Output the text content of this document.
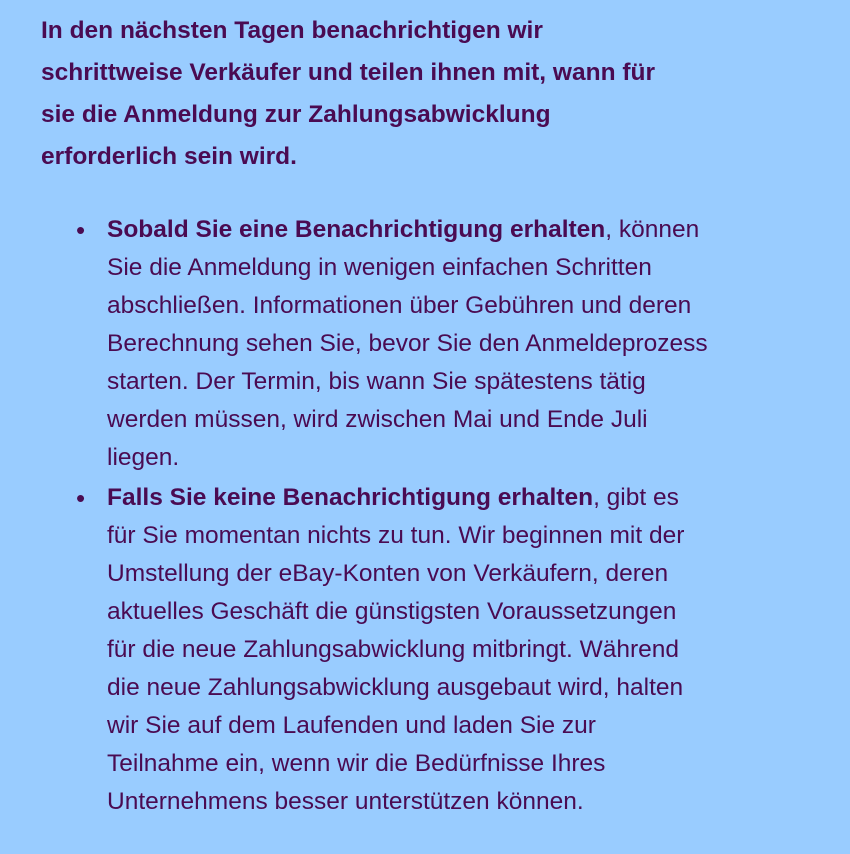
In den nächsten Tagen benachrichtigen wir
schrittweise Verkäufer und teilen ihnen mit, wann für
sie die Anmeldung zur Zahlungsabwicklung
erforderlich sein wird.
• Sobald Sie eine Benachrichtigung erhalten, können
Sie die Anmeldung in wenigen einfachen Schritten
abschließen. Informationen über Gebühren und deren
Berechnung sehen Sie, bevor Sie den Anmeldeprozess
starten. Der Termin, bis wann Sie spätestens tätig
werden müssen, wird zwischen Mai und Ende Juli
liegen.
• Falls Sie keine Benachrichtigung erhalten, gibt es
für Sie momentan nichts zu tun. Wir beginnen mit der
Umstellung der eBay-Konten von Verkäufern, deren
aktuelles Geschäft die günstigsten Voraussetzungen
für die neue Zahlungsabwicklung mitbringt. Während
die neue Zahlungsabwicklung ausgebaut wird, halten
wir Sie auf dem Laufenden und laden Sie zur
Teilnahme ein, wenn wir die Bedürfnisse Ihres
Unternehmens besser unterstützen können.
